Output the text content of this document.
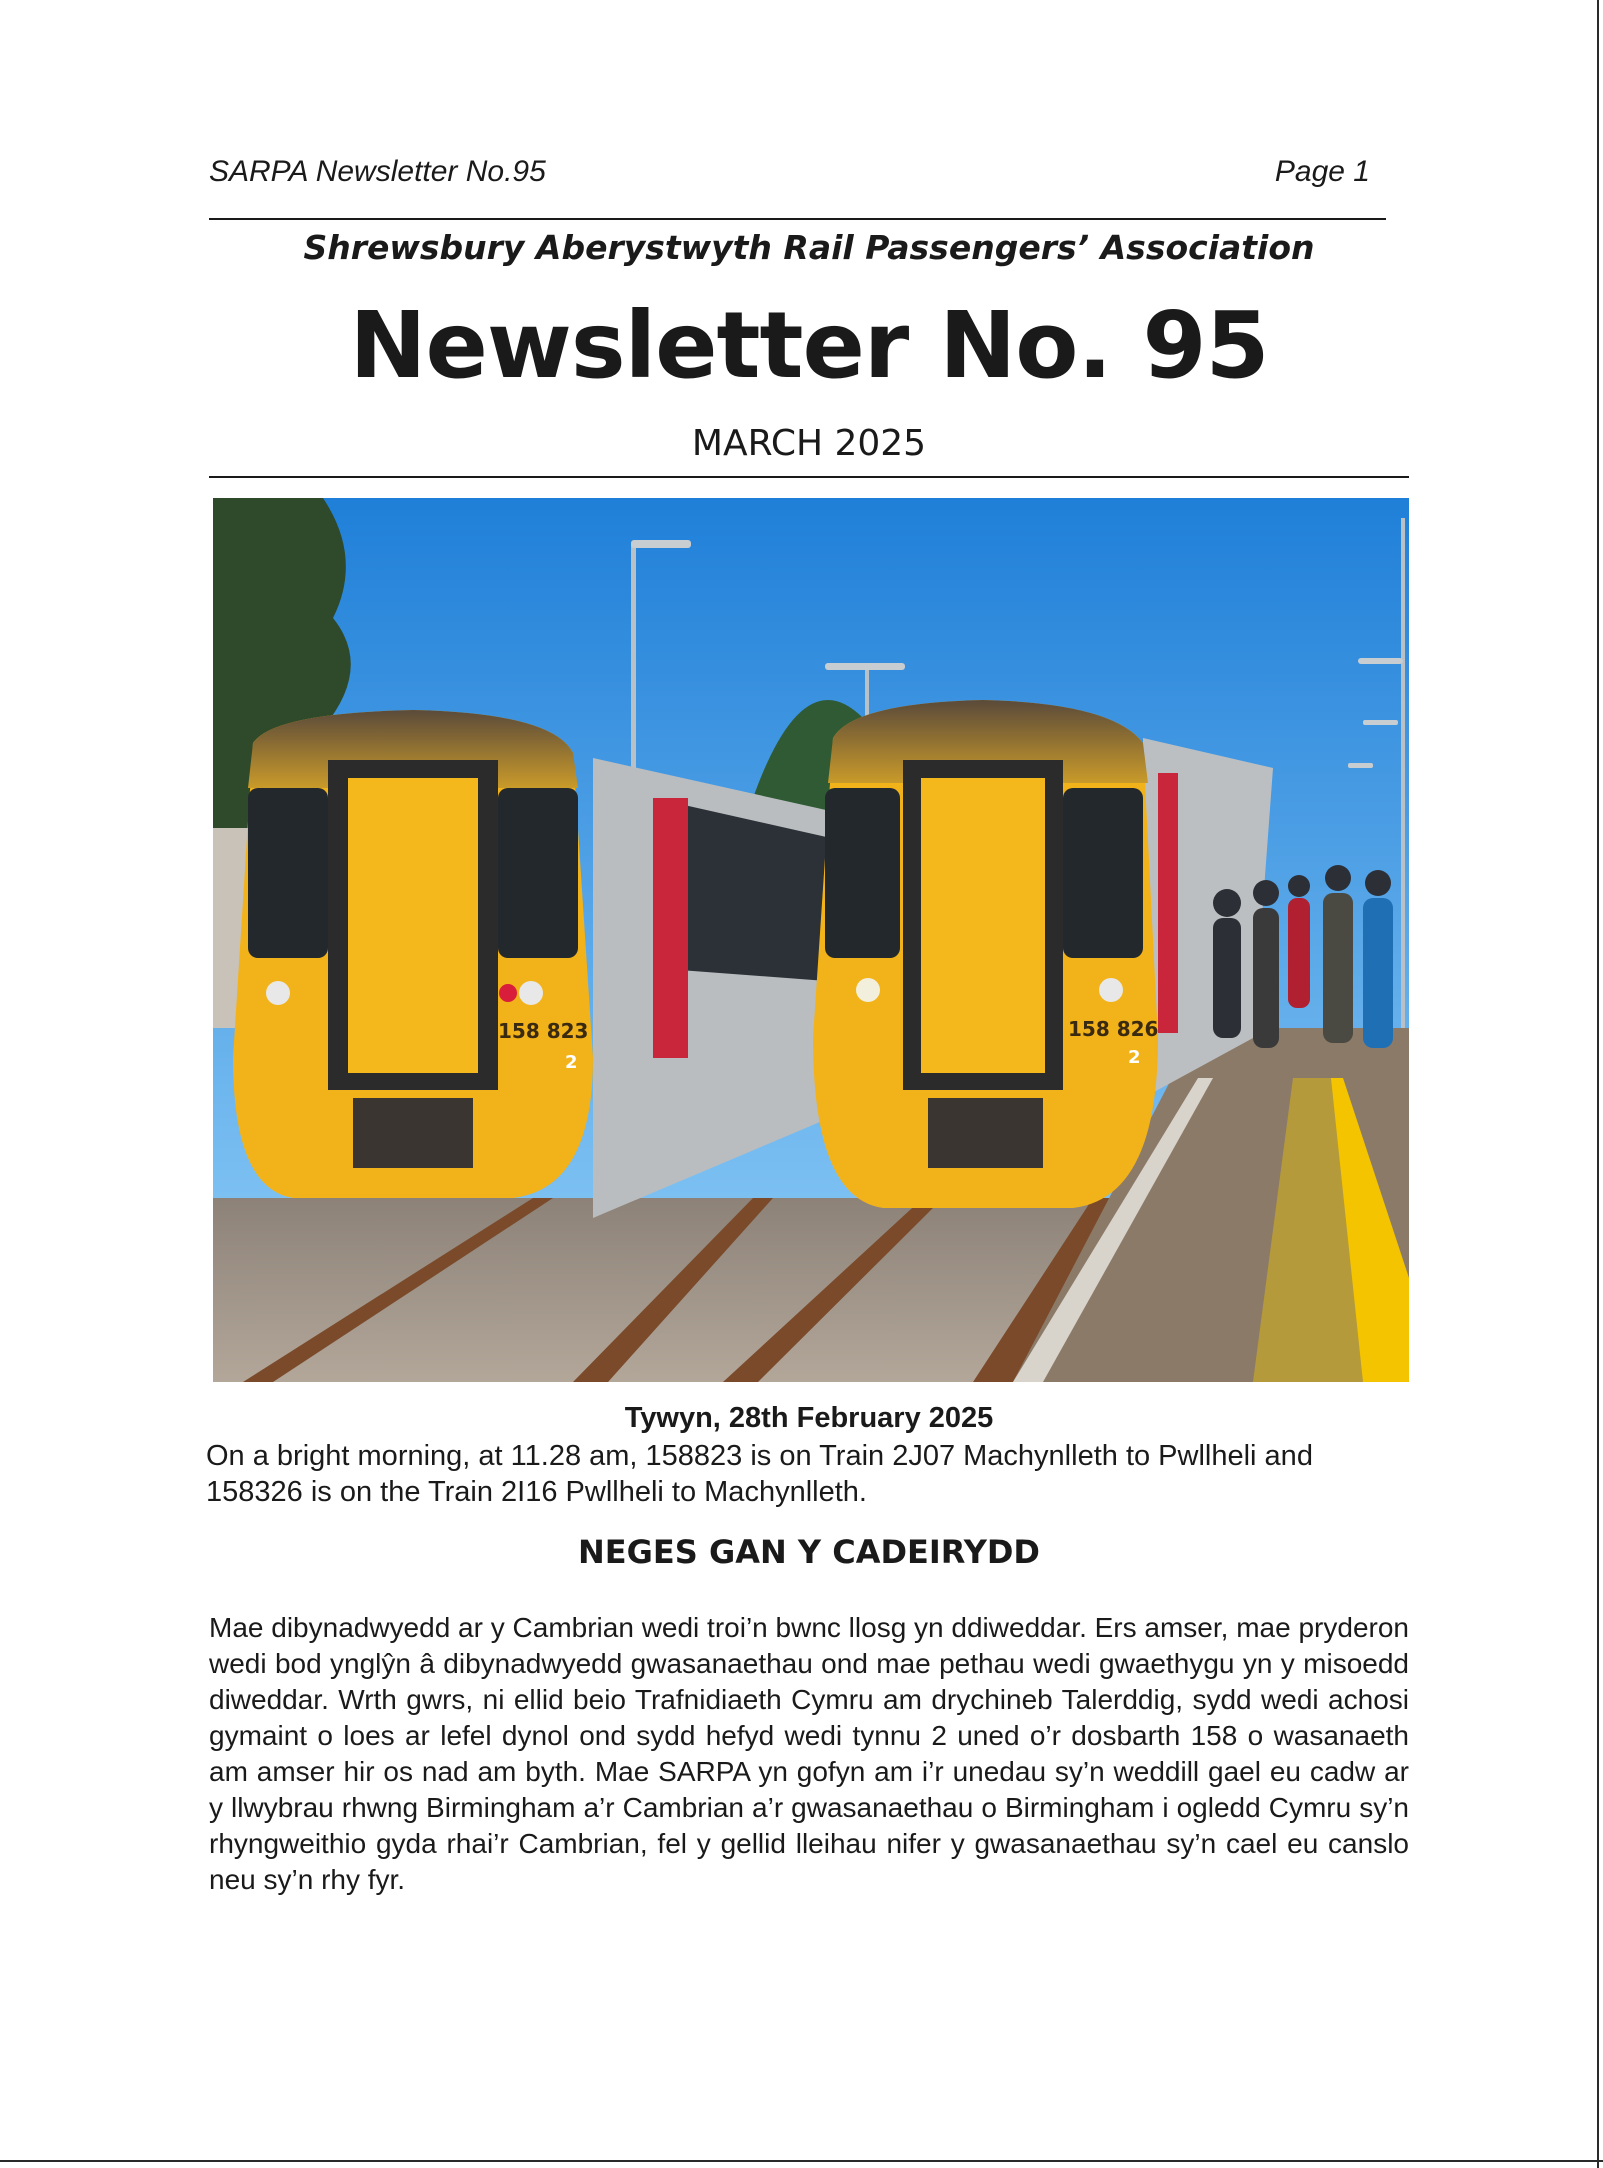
SARPA Newsletter No.95	Page 1
Shrewsbury Aberystwyth Rail Passengers’ Association
Newsletter No. 95
MARCH 2025
158 823
2
158 826
2
Tywyn, 28th February 2025
On a bright morning, at 11.28 am, 158823 is on Train 2J07 Machynlleth to Pwllheli and 158326 is on the Train 2I16 Pwllheli to Machynlleth.
NEGES GAN Y CADEIRYDD
Mae dibynadwyedd ar y Cambrian wedi troi’n bwnc llosg yn ddiweddar. Ers amser, mae pryderon wedi bod ynglŷn â dibynadwyedd gwasanaethau ond mae pethau wedi gwaethygu yn y misoedd diweddar. Wrth gwrs, ni ellid beio Trafnidiaeth Cymru am drychineb Talerddig, sydd wedi achosi gymaint o loes ar lefel dynol ond sydd hefyd wedi tynnu 2 uned o’r dosbarth 158 o wasanaeth am amser hir os nad am byth. Mae SARPA yn gofyn am i’r unedau sy’n weddill gael eu cadw ar y llwybrau rhwng Birmingham a’r Cambrian a’r gwasanaethau o Birmingham i ogledd Cymru sy’n rhyngweithio gyda rhai’r Cambrian, fel y gellid lleihau nifer y gwasanaethau sy’n cael eu canslo neu sy’n rhy fyr.
